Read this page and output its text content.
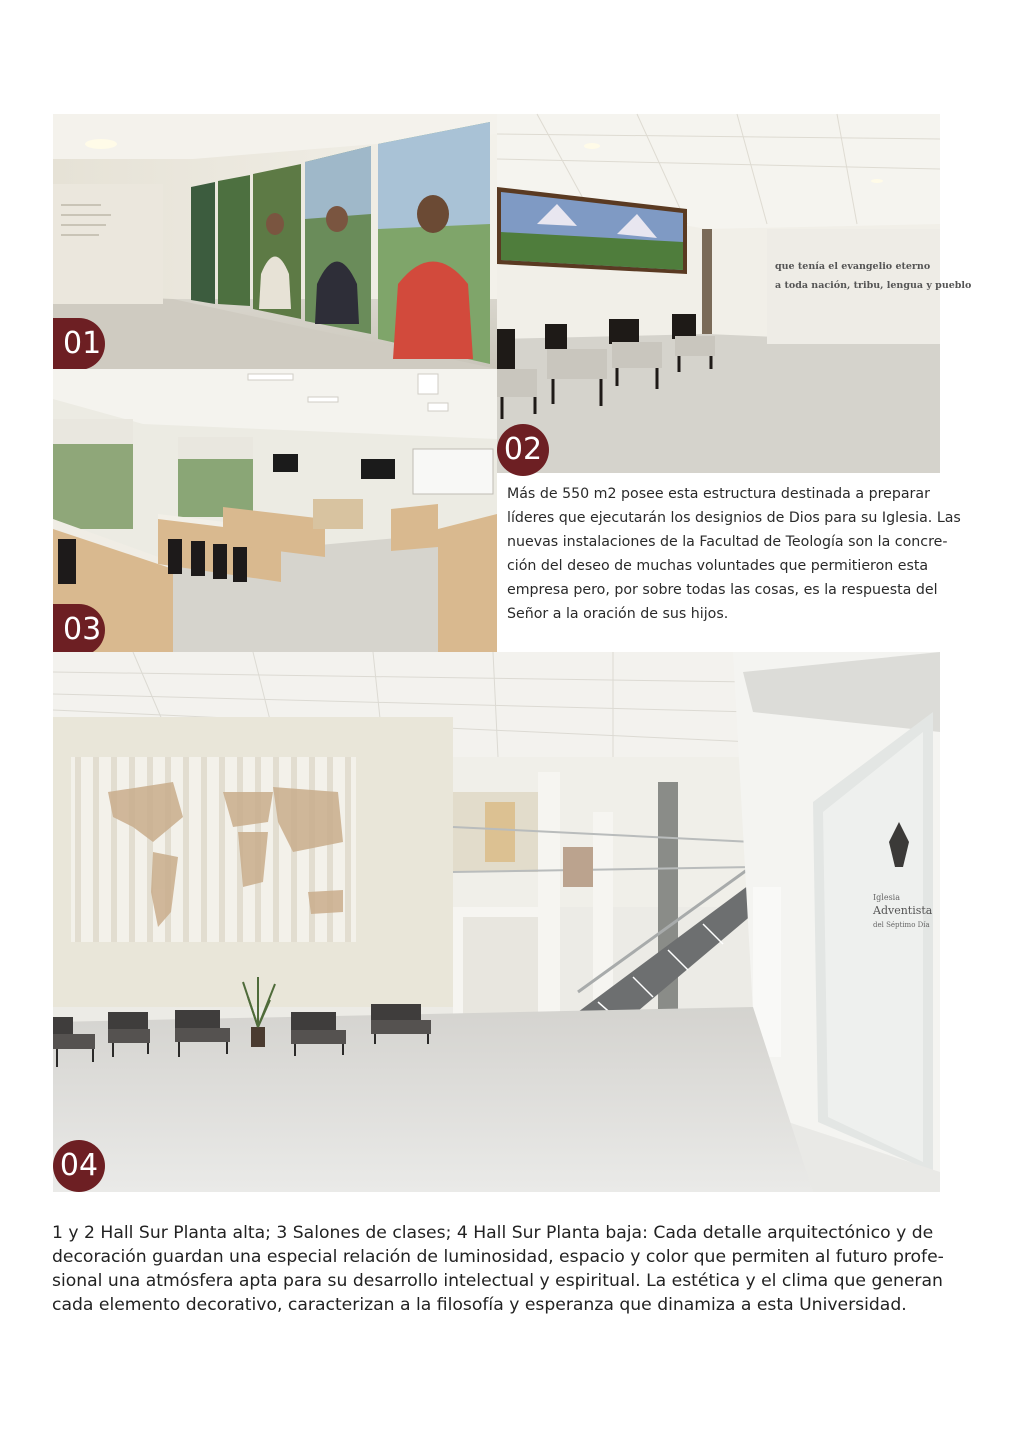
01
que tenía el evangelio eterno
a toda nación, tribu, lengua y pueblo
02
03
Más de 550 m2 posee esta estructura destinada a preparar
líderes que ejecutarán los designios de Dios para su Iglesia. Las
nuevas instalaciones de la Facultad de Teología son la concre-
ción del deseo de muchas voluntades que permitieron esta
empresa pero, por sobre todas las cosas, es la respuesta del
Señor a la oración de sus hijos.
Iglesia
Adventista
del Séptimo Día
04
1 y 2 Hall Sur Planta alta; 3 Salones de clases; 4 Hall Sur Planta baja: Cada detalle arquitectónico y de
decoración guardan una especial relación de luminosidad, espacio y color que permiten al futuro profe-
sional una atmósfera apta para su desarrollo intelectual y espiritual. La estética y el clima que generan
cada elemento decorativo, caracterizan a la filosofía y esperanza que dinamiza a esta Universidad.
